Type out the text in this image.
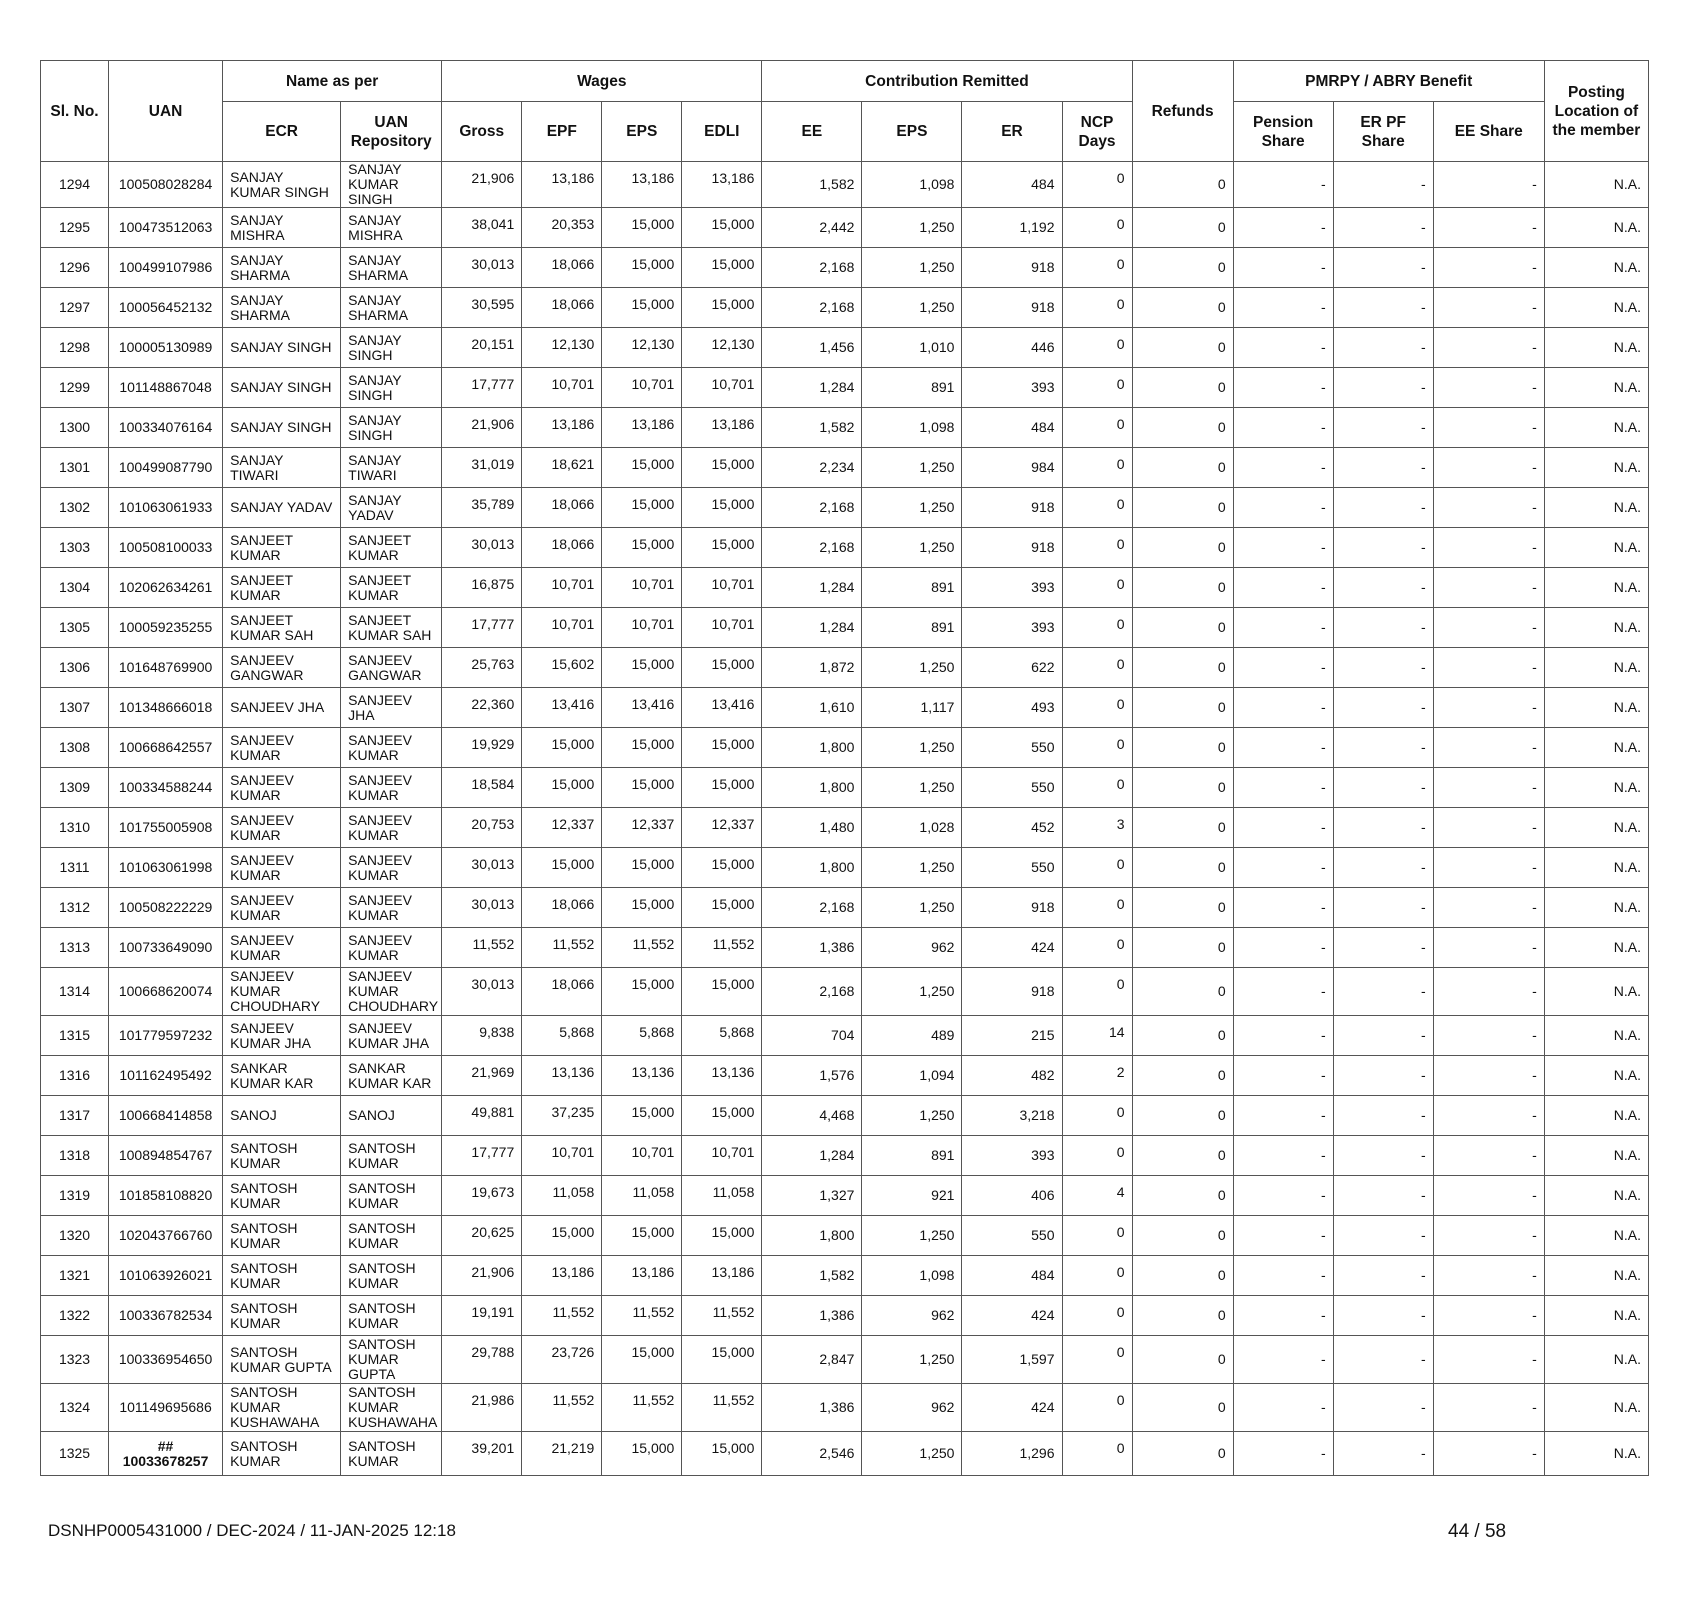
Sl. No.	UAN	Name as per		Wages				Contribution Remitted				Refunds	PMRPY / ABRY Benefit			Posting Location of the member
		ECR	UAN Repository	Gross	EPF	EPS	EDLI	EE	EPS	ER	NCP Days		Pension Share	ER PF Share	EE Share	
1294	100508028284	SANJAY KUMAR SINGH	SANJAY KUMAR SINGH	21,906	13,186	13,186	13,186	1,582	1,098	484	0	0	-	-	-	N.A.
1295	100473512063	SANJAY MISHRA	SANJAY MISHRA	38,041	20,353	15,000	15,000	2,442	1,250	1,192	0	0	-	-	-	N.A.
1296	100499107986	SANJAY SHARMA	SANJAY SHARMA	30,013	18,066	15,000	15,000	2,168	1,250	918	0	0	-	-	-	N.A.
1297	100056452132	SANJAY SHARMA	SANJAY SHARMA	30,595	18,066	15,000	15,000	2,168	1,250	918	0	0	-	-	-	N.A.
1298	100005130989	SANJAY SINGH	SANJAY SINGH	20,151	12,130	12,130	12,130	1,456	1,010	446	0	0	-	-	-	N.A.
1299	101148867048	SANJAY SINGH	SANJAY SINGH	17,777	10,701	10,701	10,701	1,284	891	393	0	0	-	-	-	N.A.
1300	100334076164	SANJAY SINGH	SANJAY SINGH	21,906	13,186	13,186	13,186	1,582	1,098	484	0	0	-	-	-	N.A.
1301	100499087790	SANJAY TIWARI	SANJAY TIWARI	31,019	18,621	15,000	15,000	2,234	1,250	984	0	0	-	-	-	N.A.
1302	101063061933	SANJAY YADAV	SANJAY YADAV	35,789	18,066	15,000	15,000	2,168	1,250	918	0	0	-	-	-	N.A.
1303	100508100033	SANJEET KUMAR	SANJEET KUMAR	30,013	18,066	15,000	15,000	2,168	1,250	918	0	0	-	-	-	N.A.
1304	102062634261	SANJEET KUMAR	SANJEET KUMAR	16,875	10,701	10,701	10,701	1,284	891	393	0	0	-	-	-	N.A.
1305	100059235255	SANJEET KUMAR SAH	SANJEET KUMAR SAH	17,777	10,701	10,701	10,701	1,284	891	393	0	0	-	-	-	N.A.
1306	101648769900	SANJEEV GANGWAR	SANJEEV GANGWAR	25,763	15,602	15,000	15,000	1,872	1,250	622	0	0	-	-	-	N.A.
1307	101348666018	SANJEEV JHA	SANJEEV JHA	22,360	13,416	13,416	13,416	1,610	1,117	493	0	0	-	-	-	N.A.
1308	100668642557	SANJEEV KUMAR	SANJEEV KUMAR	19,929	15,000	15,000	15,000	1,800	1,250	550	0	0	-	-	-	N.A.
1309	100334588244	SANJEEV KUMAR	SANJEEV KUMAR	18,584	15,000	15,000	15,000	1,800	1,250	550	0	0	-	-	-	N.A.
1310	101755005908	SANJEEV KUMAR	SANJEEV KUMAR	20,753	12,337	12,337	12,337	1,480	1,028	452	3	0	-	-	-	N.A.
1311	101063061998	SANJEEV KUMAR	SANJEEV KUMAR	30,013	15,000	15,000	15,000	1,800	1,250	550	0	0	-	-	-	N.A.
1312	100508222229	SANJEEV KUMAR	SANJEEV KUMAR	30,013	18,066	15,000	15,000	2,168	1,250	918	0	0	-	-	-	N.A.
1313	100733649090	SANJEEV KUMAR	SANJEEV KUMAR	11,552	11,552	11,552	11,552	1,386	962	424	0	0	-	-	-	N.A.
1314	100668620074	SANJEEV KUMAR CHOUDHARY	SANJEEV KUMAR CHOUDHARY	30,013	18,066	15,000	15,000	2,168	1,250	918	0	0	-	-	-	N.A.
1315	101779597232	SANJEEV KUMAR JHA	SANJEEV KUMAR JHA	9,838	5,868	5,868	5,868	704	489	215	14	0	-	-	-	N.A.
1316	101162495492	SANKAR KUMAR KAR	SANKAR KUMAR KAR	21,969	13,136	13,136	13,136	1,576	1,094	482	2	0	-	-	-	N.A.
1317	100668414858	SANOJ	SANOJ	49,881	37,235	15,000	15,000	4,468	1,250	3,218	0	0	-	-	-	N.A.
1318	100894854767	SANTOSH KUMAR	SANTOSH KUMAR	17,777	10,701	10,701	10,701	1,284	891	393	0	0	-	-	-	N.A.
1319	101858108820	SANTOSH KUMAR	SANTOSH KUMAR	19,673	11,058	11,058	11,058	1,327	921	406	4	0	-	-	-	N.A.
1320	102043766760	SANTOSH KUMAR	SANTOSH KUMAR	20,625	15,000	15,000	15,000	1,800	1,250	550	0	0	-	-	-	N.A.
1321	101063926021	SANTOSH KUMAR	SANTOSH KUMAR	21,906	13,186	13,186	13,186	1,582	1,098	484	0	0	-	-	-	N.A.
1322	100336782534	SANTOSH KUMAR	SANTOSH KUMAR	19,191	11,552	11,552	11,552	1,386	962	424	0	0	-	-	-	N.A.
1323	100336954650	SANTOSH KUMAR GUPTA	SANTOSH KUMAR GUPTA	29,788	23,726	15,000	15,000	2,847	1,250	1,597	0	0	-	-	-	N.A.
1324	101149695686	SANTOSH KUMAR KUSHAWAHA	SANTOSH KUMAR KUSHAWAHA	21,986	11,552	11,552	11,552	1,386	962	424	0	0	-	-	-	N.A.
1325	## 10033678257	SANTOSH KUMAR	SANTOSH KUMAR	39,201	21,219	15,000	15,000	2,546	1,250	1,296	0	0	-	-	-	N.A.
DSNHP0005431000 / DEC-2024 / 11-JAN-2025 12:18	44 / 58
